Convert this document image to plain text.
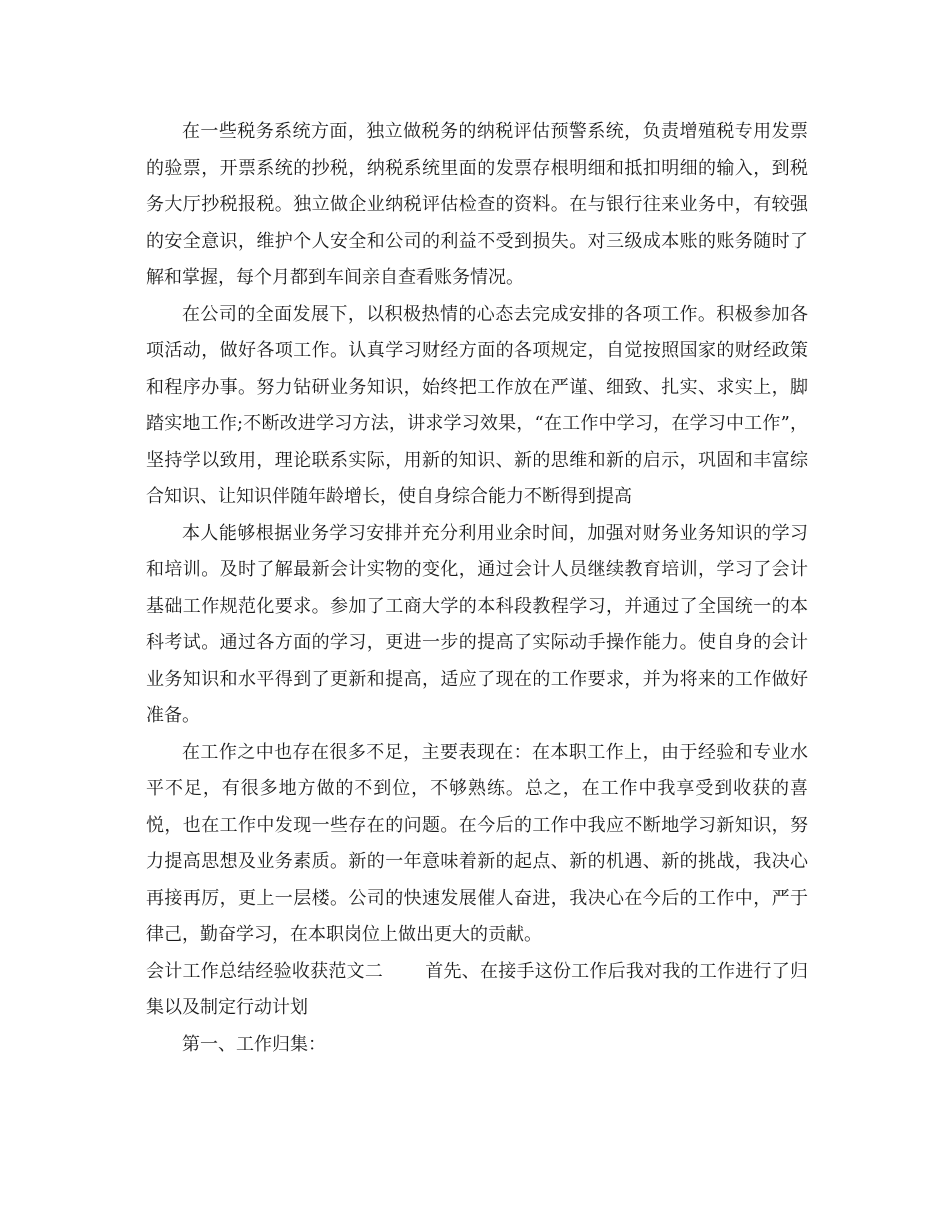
在一些税务系统方面，独立做税务的纳税评估预警系统，负责增殖税专用发票的验票，开票系统的抄税，纳税系统里面的发票存根明细和抵扣明细的输入，到税务大厅抄税报税。独立做企业纳税评估检查的资料。在与银行往来业务中，有较强的安全意识，维护个人安全和公司的利益不受到损失。对三级成本账的账务随时了解和掌握，每个月都到车间亲自查看账务情况。

在公司的全面发展下，以积极热情的心态去完成安排的各项工作。积极参加各项活动，做好各项工作。认真学习财经方面的各项规定，自觉按照国家的财经政策和程序办事。努力钻研业务知识，始终把工作放在严谨、细致、扎实、求实上，脚踏实地工作;不断改进学习方法，讲求学习效果，“在工作中学习，在学习中工作”，坚持学以致用，理论联系实际，用新的知识、新的思维和新的启示，巩固和丰富综合知识、让知识伴随年龄增长，使自身综合能力不断得到提高

本人能够根据业务学习安排并充分利用业余时间，加强对财务业务知识的学习和培训。及时了解最新会计实物的变化，通过会计人员继续教育培训，学习了会计基础工作规范化要求。参加了工商大学的本科段教程学习，并通过了全国统一的本科考试。通过各方面的学习，更进一步的提高了实际动手操作能力。使自身的会计业务知识和水平得到了更新和提高，适应了现在的工作要求，并为将来的工作做好准备。

在工作之中也存在很多不足，主要表现在：在本职工作上，由于经验和专业水平不足，有很多地方做的不到位，不够熟练。总之，在工作中我享受到收获的喜悦，也在工作中发现一些存在的问题。在今后的工作中我应不断地学习新知识，努力提高思想及业务素质。新的一年意味着新的起点、新的机遇、新的挑战，我决心再接再厉，更上一层楼。公司的快速发展催人奋进，我决心在今后的工作中，严于律己，勤奋学习，在本职岗位上做出更大的贡献。

会计工作总结经验收获范文二 首先、在接手这份工作后我对我的工作进行了归集以及制定行动计划

第一、工作归集：
